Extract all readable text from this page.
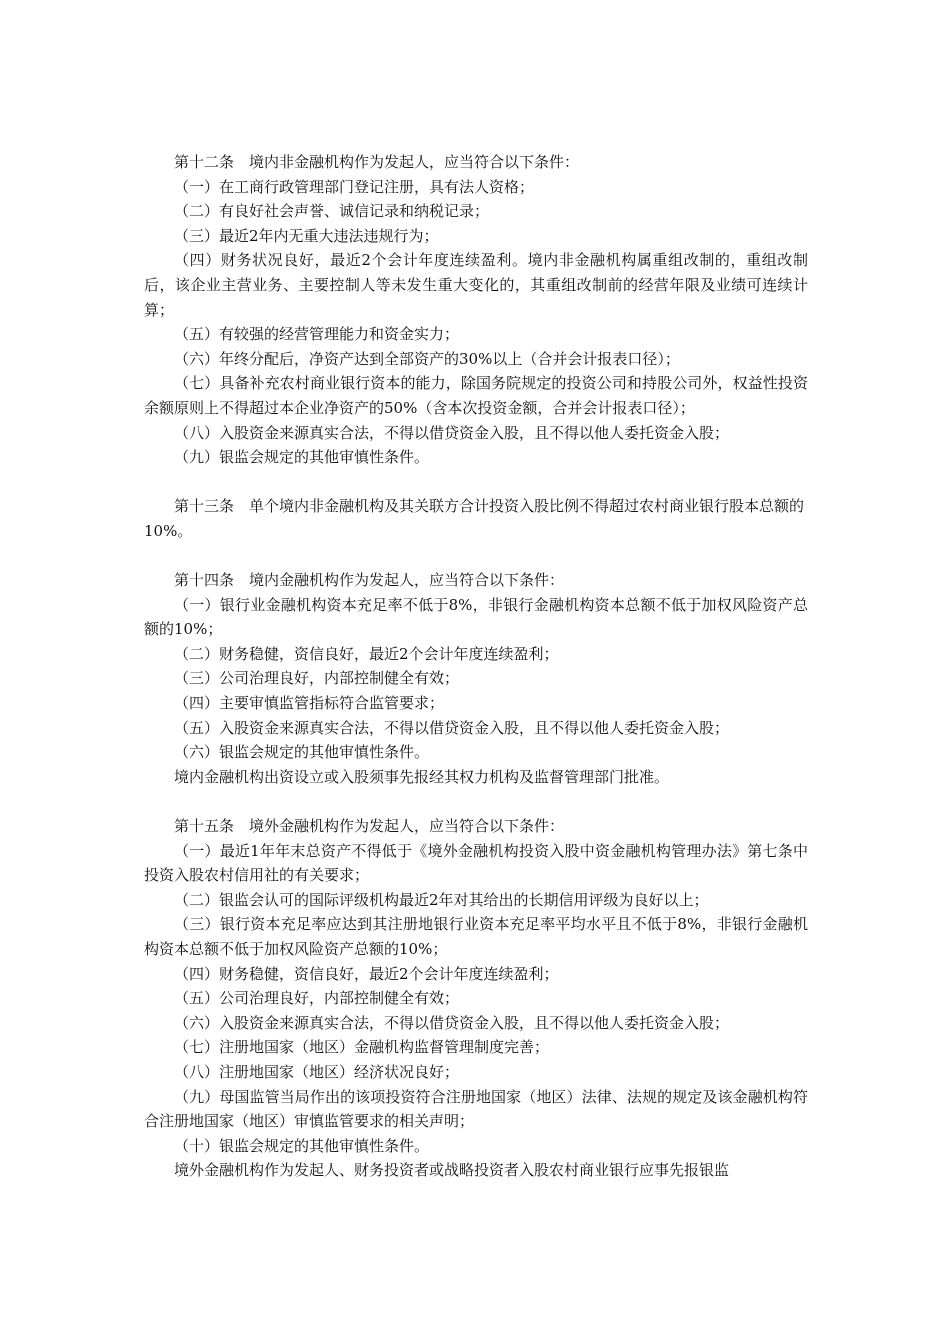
第十二条　境内非金融机构作为发起人，应当符合以下条件：

（一）在工商行政管理部门登记注册，具有法人资格；

（二）有良好社会声誉、诚信记录和纳税记录；

（三）最近2年内无重大违法违规行为；

（四）财务状况良好，最近2个会计年度连续盈利。境内非金融机构属重组改制的，重组改制后，该企业主营业务、主要控制人等未发生重大变化的，其重组改制前的经营年限及业绩可连续计算；

（五）有较强的经营管理能力和资金实力；

（六）年终分配后，净资产达到全部资产的30%以上（合并会计报表口径）；

（七）具备补充农村商业银行资本的能力，除国务院规定的投资公司和持股公司外，权益性投资余额原则上不得超过本企业净资产的50%（含本次投资金额，合并会计报表口径）；

（八）入股资金来源真实合法，不得以借贷资金入股，且不得以他人委托资金入股；

（九）银监会规定的其他审慎性条件。

第十三条　单个境内非金融机构及其关联方合计投资入股比例不得超过农村商业银行股本总额的10%。

第十四条　境内金融机构作为发起人，应当符合以下条件：

（一）银行业金融机构资本充足率不低于8%，非银行金融机构资本总额不低于加权风险资产总额的10%；

（二）财务稳健，资信良好，最近2个会计年度连续盈利；

（三）公司治理良好，内部控制健全有效；

（四）主要审慎监管指标符合监管要求；

（五）入股资金来源真实合法，不得以借贷资金入股，且不得以他人委托资金入股；

（六）银监会规定的其他审慎性条件。

境内金融机构出资设立或入股须事先报经其权力机构及监督管理部门批准。

第十五条　境外金融机构作为发起人，应当符合以下条件：

（一）最近1年年末总资产不得低于《境外金融机构投资入股中资金融机构管理办法》第七条中投资入股农村信用社的有关要求；

（二）银监会认可的国际评级机构最近2年对其给出的长期信用评级为良好以上；

（三）银行资本充足率应达到其注册地银行业资本充足率平均水平且不低于8%，非银行金融机构资本总额不低于加权风险资产总额的10%；

（四）财务稳健，资信良好，最近2个会计年度连续盈利；

（五）公司治理良好，内部控制健全有效；

（六）入股资金来源真实合法，不得以借贷资金入股，且不得以他人委托资金入股；

（七）注册地国家（地区）金融机构监督管理制度完善；

（八）注册地国家（地区）经济状况良好；

（九）母国监管当局作出的该项投资符合注册地国家（地区）法律、法规的规定及该金融机构符合注册地国家（地区）审慎监管要求的相关声明；

（十）银监会规定的其他审慎性条件。

境外金融机构作为发起人、财务投资者或战略投资者入股农村商业银行应事先报银监
